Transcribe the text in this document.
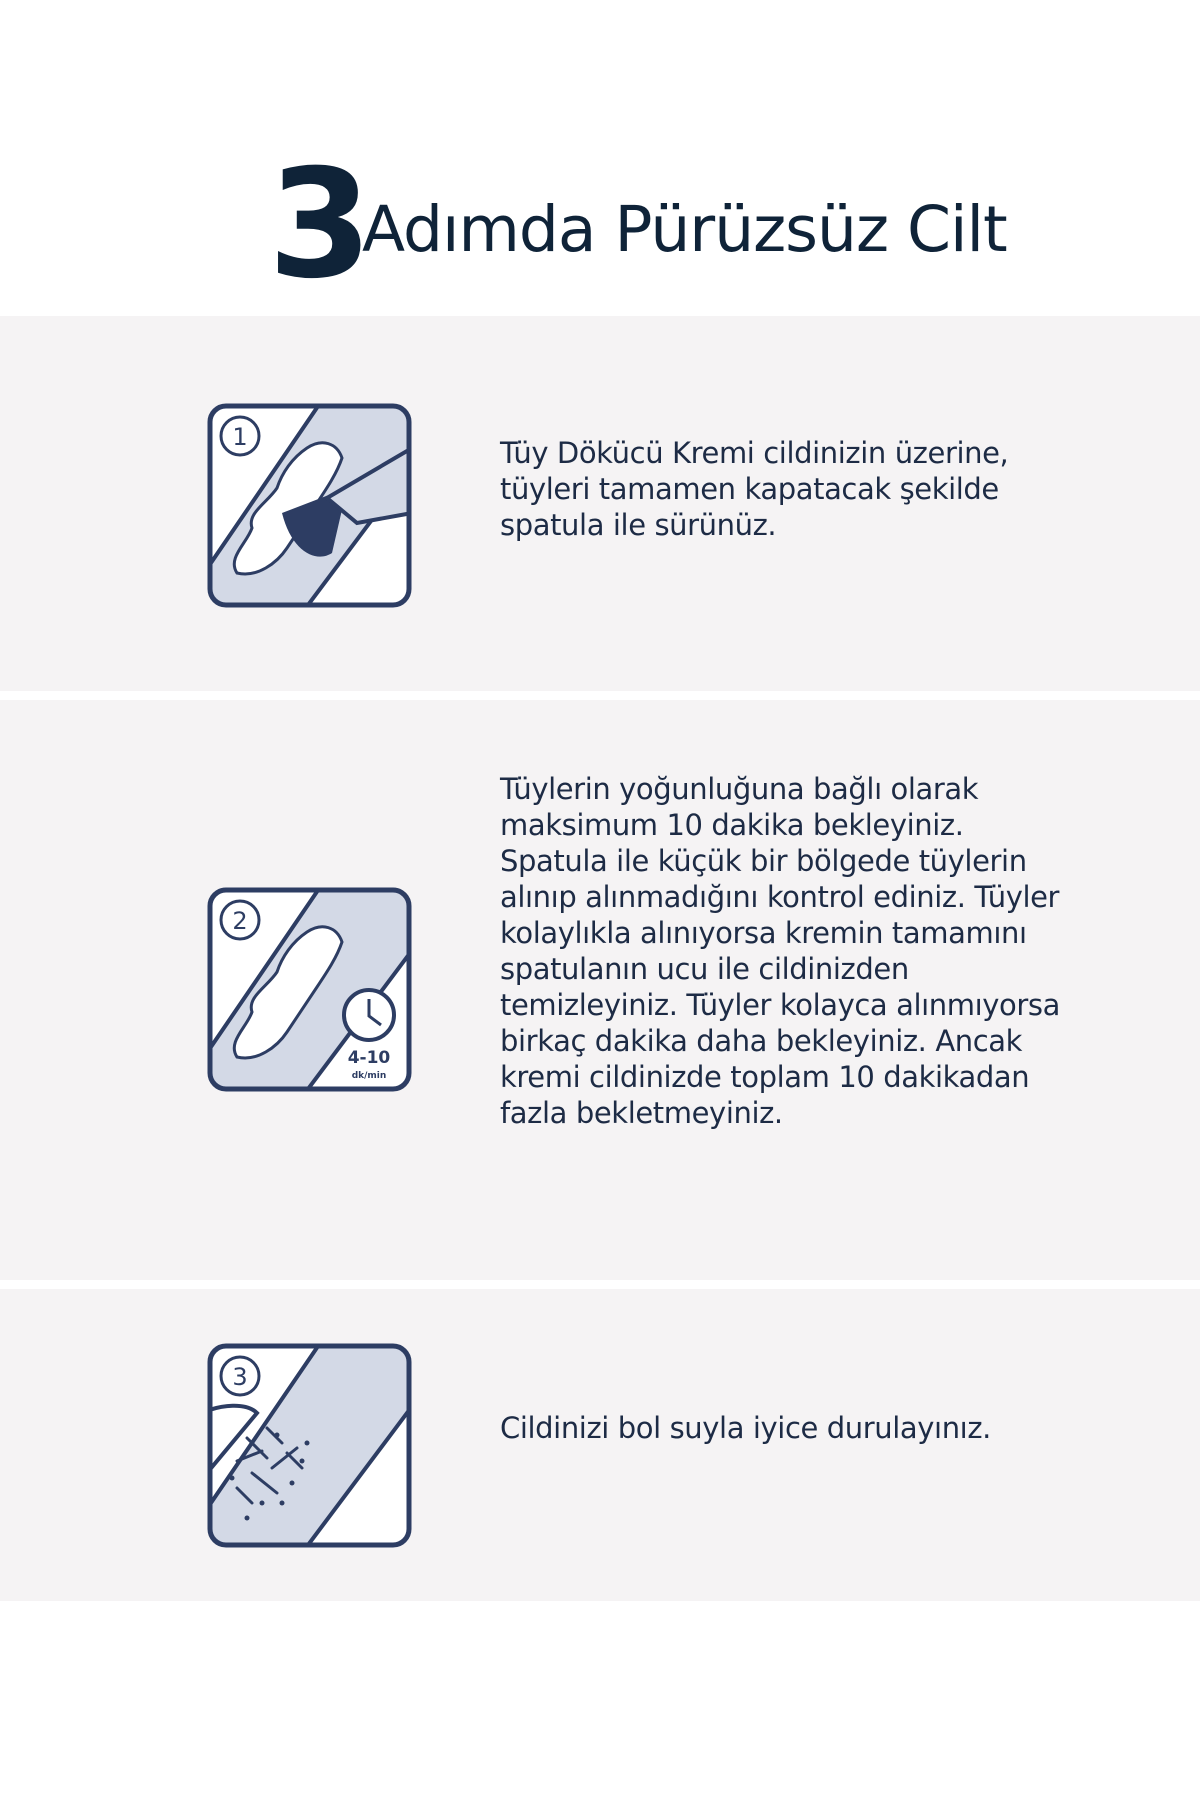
3
Adımda Pürüzsüz Cilt
1	Tüy Dökücü Kremi cildinizin üzerine, tüyleri tamamen kapatacak şekilde spatula ile sürünüz.
2
4-10
dk/min
Tüylerin yoğunluğuna bağlı olarak maksimum 10 dakika bekleyiniz. Spatula ile küçük bir bölgede tüylerin alınıp alınmadığını kontrol ediniz. Tüyler kolaylıkla alınıyorsa kremin tamamını spatulanın ucu ile cildinizden temizleyiniz. Tüyler kolayca alınmıyorsa birkaç dakika daha bekleyiniz. Ancak kremi cildinizde toplam 10 dakikadan fazla bekletmeyiniz.
3
Cildinizi bol suyla iyice durulayınız.
